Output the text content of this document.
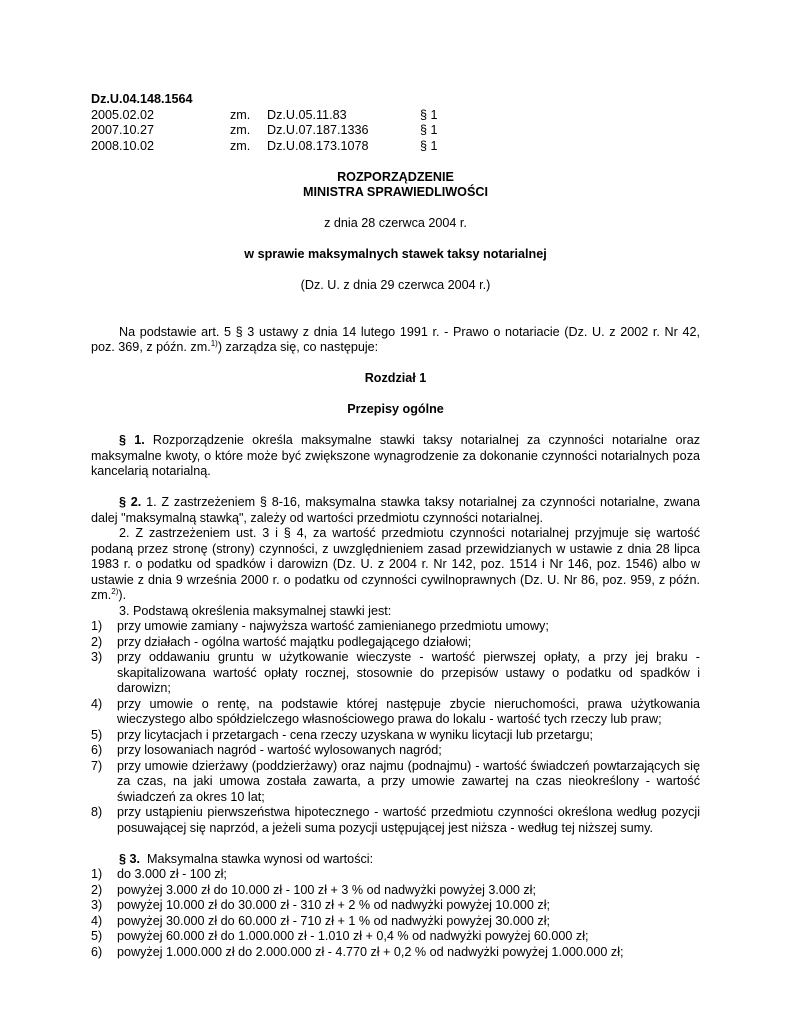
Dz.U.04.148.1564

2005.02.02	zm.	Dz.U.05.11.83	§ 1
2007.10.27	zm.	Dz.U.07.187.1336	§ 1
2008.10.02	zm.	Dz.U.08.173.1078	§ 1

ROZPORZĄDZENIE

MINISTRA SPRAWIEDLIWOŚCI

z dnia 28 czerwca 2004 r.

w sprawie maksymalnych stawek taksy notarialnej

(Dz. U. z dnia 29 czerwca 2004 r.)

Na podstawie art. 5 § 3 ustawy z dnia 14 lutego 1991 r. - Prawo o notariacie (Dz. U. z 2002 r. Nr 42, poz. 369, z późn. zm.$^{1)}$) zarządza się, co następuje:

Rozdział 1

Przepisy ogólne

§ 1. Rozporządzenie określa maksymalne stawki taksy notarialnej za czynności notarialne oraz maksymalne kwoty, o które może być zwiększone wynagrodzenie za dokonanie czynności notarialnych poza kancelarią notarialną.

§ 2. 1. Z zastrzeżeniem § 8-16, maksymalna stawka taksy notarialnej za czynności notarialne, zwana dalej "maksymalną stawką", zależy od wartości przedmiotu czynności notarialnej.

2. Z zastrzeżeniem ust. 3 i § 4, za wartość przedmiotu czynności notarialnej przyjmuje się wartość podaną przez stronę (strony) czynności, z uwzględnieniem zasad przewidzianych w ustawie z dnia 28 lipca 1983 r. o podatku od spadków i darowizn (Dz. U. z 2004 r. Nr 142, poz. 1514 i Nr 146, poz. 1546) albo w ustawie z dnia 9 września 2000 r. o podatku od czynności cywilnoprawnych (Dz. U. Nr 86, poz. 959, z późn. zm.$^{2)}$).

3. Podstawą określenia maksymalnej stawki jest:

1)	przy umowie zamiany - najwyższa wartość zamienianego przedmiotu umowy;
2)	przy działach - ogólna wartość majątku podlegającego działowi;
3)	przy oddawaniu gruntu w użytkowanie wieczyste - wartość pierwszej opłaty, a przy jej braku - skapitalizowana wartość opłaty rocznej, stosownie do przepisów ustawy o podatku od spadków i darowizn;
4)	przy umowie o rentę, na podstawie której następuje zbycie nieruchomości, prawa użytkowania wieczystego albo spółdzielczego własnościowego prawa do lokalu - wartość tych rzeczy lub praw;
5)	przy licytacjach i przetargach - cena rzeczy uzyskana w wyniku licytacji lub przetargu;
6)	przy losowaniach nagród - wartość wylosowanych nagród;
7)	przy umowie dzierżawy (poddzierżawy) oraz najmu (podnajmu) - wartość świadczeń powtarzających się za czas, na jaki umowa została zawarta, a przy umowie zawartej na czas nieokreślony - wartość świadczeń za okres 10 lat;
8)	przy ustąpieniu pierwszeństwa hipotecznego - wartość przedmiotu czynności określona według pozycji posuwającej się naprzód, a jeżeli suma pozycji ustępującej jest niższa - według tej niższej sumy.

§ 3.  Maksymalna stawka wynosi od wartości:

1)	do 3.000 zł - 100 zł;
2)	powyżej 3.000 zł do 10.000 zł - 100 zł + 3 % od nadwyżki powyżej 3.000 zł;
3)	powyżej 10.000 zł do 30.000 zł - 310 zł + 2 % od nadwyżki powyżej 10.000 zł;
4)	powyżej 30.000 zł do 60.000 zł - 710 zł + 1 % od nadwyżki powyżej 30.000 zł;
5)	powyżej 60.000 zł do 1.000.000 zł - 1.010 zł + 0,4 % od nadwyżki powyżej 60.000 zł;
6)	powyżej 1.000.000 zł do 2.000.000 zł - 4.770 zł + 0,2 % od nadwyżki powyżej 1.000.000 zł;
